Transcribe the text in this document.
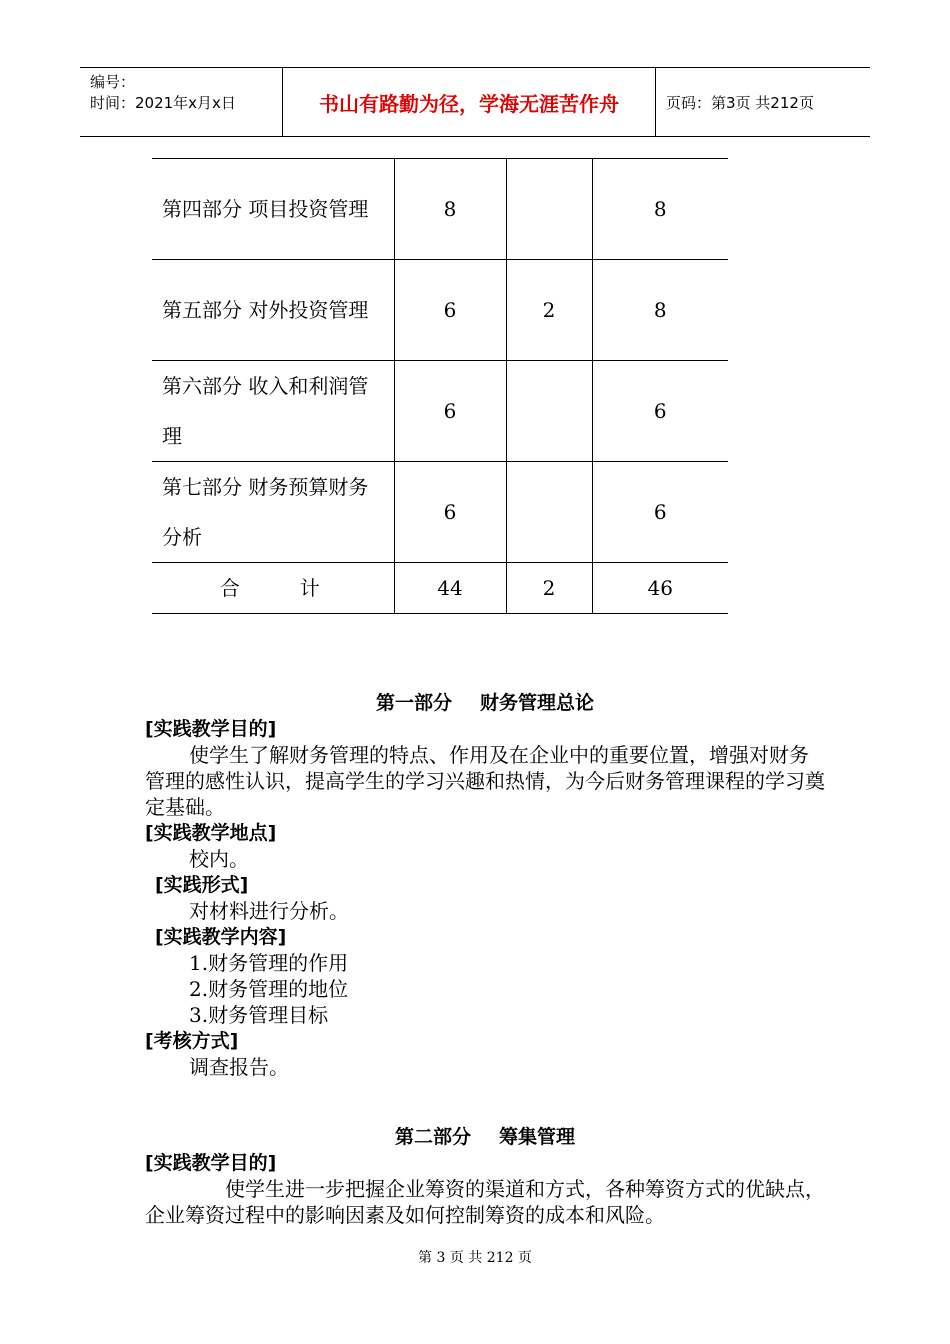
编号：
时间：2021年x月x日	书山有路勤为径，学海无涯苦作舟	页码：第3页 共212页
第四部分 项目投资管理	8		8
第五部分 对外投资管理	6	2	8
第六部分 收入和利润管理	6		6
第七部分 财务预算财务分析	6		6
合计	44	2	46
第一部分 财务管理总论
[实践教学目的]
使学生了解财务管理的特点、作用及在企业中的重要位置，增强对财务管理的感性认识，提高学生的学习兴趣和热情，为今后财务管理课程的学习奠定基础。
[实践教学地点]
校内。
[实践形式]
对材料进行分析。
[实践教学内容]
1.财务管理的作用
2.财务管理的地位
3.财务管理目标
[考核方式]
调查报告。
第二部分 筹集管理
[实践教学目的]
使学生进一步把握企业筹资的渠道和方式，各种筹资方式的优缺点，企业筹资过程中的影响因素及如何控制筹资的成本和风险。
第 3 页 共 212 页
